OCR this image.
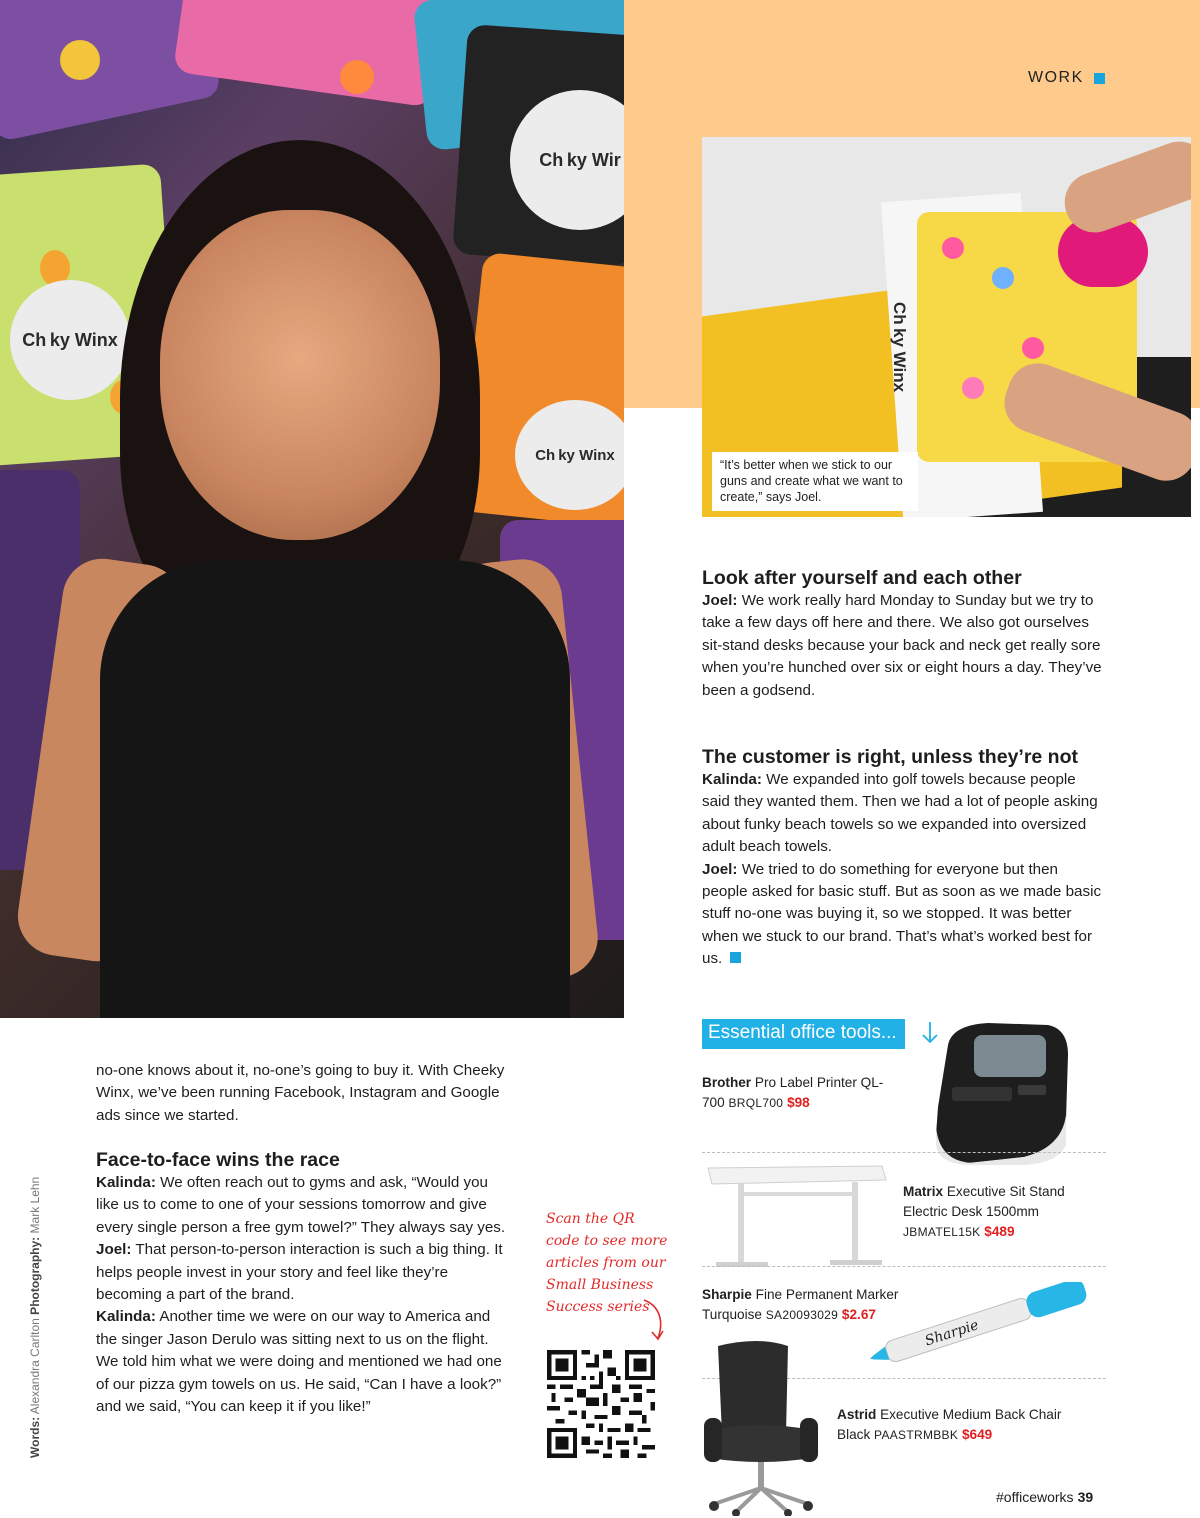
WORK
Ch ky Wir
Ch ky Winx
Ch ky Winx
Ch ky Winx
“It’s better when we stick to our guns and create what we want to create,” says Joel.
Look after yourself and each other

Joel: We work really hard Monday to Sunday but we try to take a few days off here and there. We also got ourselves sit-stand desks because your back and neck get really sore when you’re hunched over six or eight hours a day. They’ve been a godsend.

The customer is right, unless they’re not

Kalinda: We expanded into golf towels because people said they wanted them. Then we had a lot of people asking about funky beach towels so we expanded into oversized adult beach towels.

Joel: We tried to do something for everyone but then people asked for basic stuff. But as soon as we made basic stuff no-one was buying it, so we stopped. It was better when we stuck to our brand. That’s what’s worked best for us.

no-one knows about it, no-one’s going to buy it. With Cheeky Winx, we’ve been running Facebook, Instagram and Google ads since we started.

Face-to-face wins the race

Kalinda: We often reach out to gyms and ask, “Would you like us to come to one of your sessions tomorrow and give every single person a free gym towel?” They always say yes.

Joel: That person-to-person interaction is such a big thing. It helps people invest in your story and feel like they’re becoming a part of the brand.

Kalinda: Another time we were on our way to America and the singer Jason Derulo was sitting next to us on the flight. We told him what we were doing and mentioned we had one of our pizza gym towels on us. He said, “Can I have a look?” and we said, “You can keep it if you like!”

Words: Alexandra Carlton Photography: Mark Lehn	Scan the QR
code to see more
articles from our
Small Business
Success series
Essential office tools...
Brother Pro Label Printer QL-700 BRQL700 $98
Matrix Executive Sit Stand Electric Desk 1500mm JBMATEL15K $489
Sharpie Fine Permanent Marker Turquoise SA20093029 $2.67
Sharpie
Astrid Executive Medium Back Chair Black PAASTRMBBK $649
#officeworks 39
